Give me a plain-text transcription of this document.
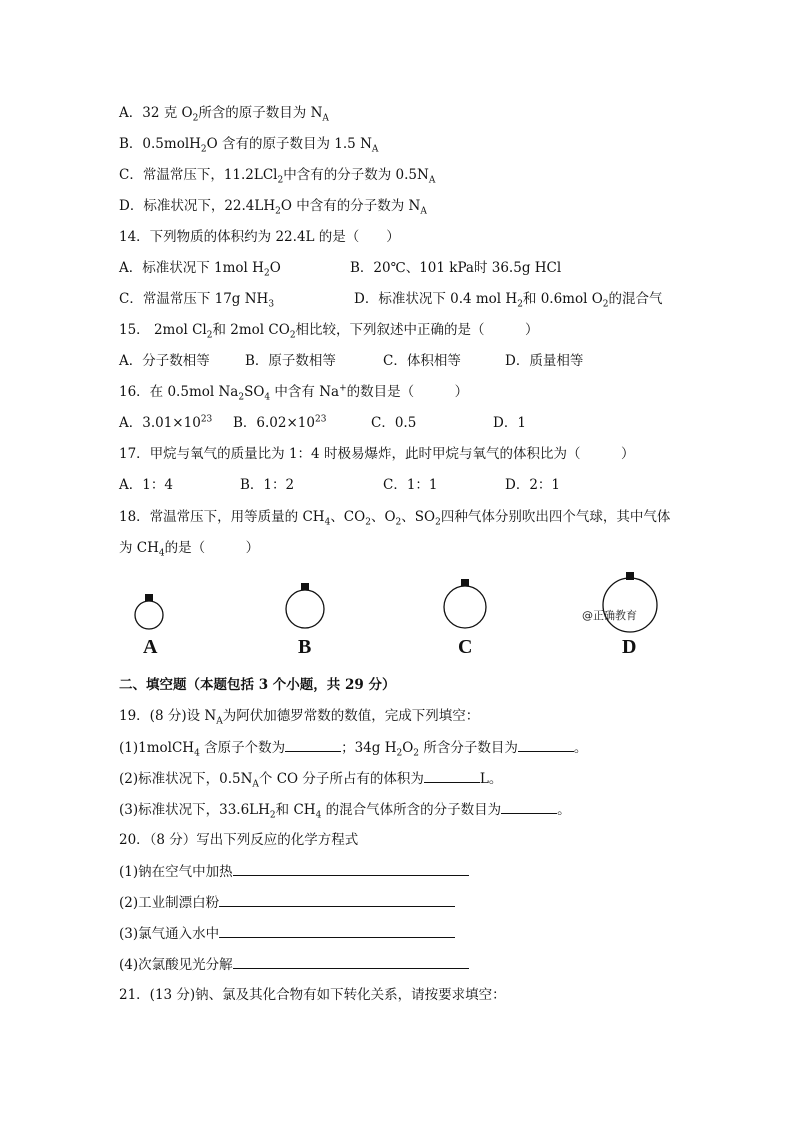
A．32 克 $O_2$所含的原子数目为 $N_A$
B．0.5molH$_2$O 含有的原子数目为 1.5 $N_A$
C．常温常压下，11.2LCl$_2$中含有的分子数为 $0.5N_A$
D．标准状况下，$22.4LH_2O$ 中含有的分子数为 $N_A$
14．下列物质的体积约为 22.4L 的是（　　）
A．标准状况下 1mol $H_2O$	B．20℃、101 kPa时 36.5g HCl
C．常温常压下 17g $NH_3$	D．标准状况下 0.4 mol $H_2$和 0.6mol $O_2$的混合气
15． 2mol $Cl_2$和 2mol $CO_2$相比较，下列叙述中正确的是（　　　）
A．分子数相等	B．原子数相等	C．体积相等	D．质量相等
16．在 0.5mol $Na_2SO_4$ 中含有 Na+的数目是（　　　）
A．$3.01\times 10^{23}$ B．$6.02\times 10^{23}$	C．0.5	D．1
17．甲烷与氧气的质量比为 1：4 时极易爆炸，此时甲烷与氧气的体积比为（　　　）
A．1：4	B．1：2	C．1：1	D．2：1
18．常温常压下，用等质量的 $CH_4$、$CO_2$、$O_2$、$SO_2$四种气体分别吹出四个气球，其中气体
为 $CH_4$的是（　　　）
@正确教育
A	B	C	D
二、填空题（本题包括 3 个小题，共 29 分）
19．(8 分)设 $N_A$为阿伏加德罗常数的数值，完成下列填空：
(1)1molCH$_4$ 含原子个数为	；34g $H_2O_2$ 所含分子数目为	。
(2)标准状况下，$0.5N_A$个 CO 分子所占有的体积为	L。
(3)标准状况下，$33.6LH_2$和 $CH_4$ 的混合气体所含的分子数目为	。
20．（8 分）写出下列反应的化学方程式
(1)钠在空气中加热
(2)工业制漂白粉
(3)氯气通入水中
(4)次氯酸见光分解
21．(13 分)钠、氯及其化合物有如下转化关系，请按要求填空：
